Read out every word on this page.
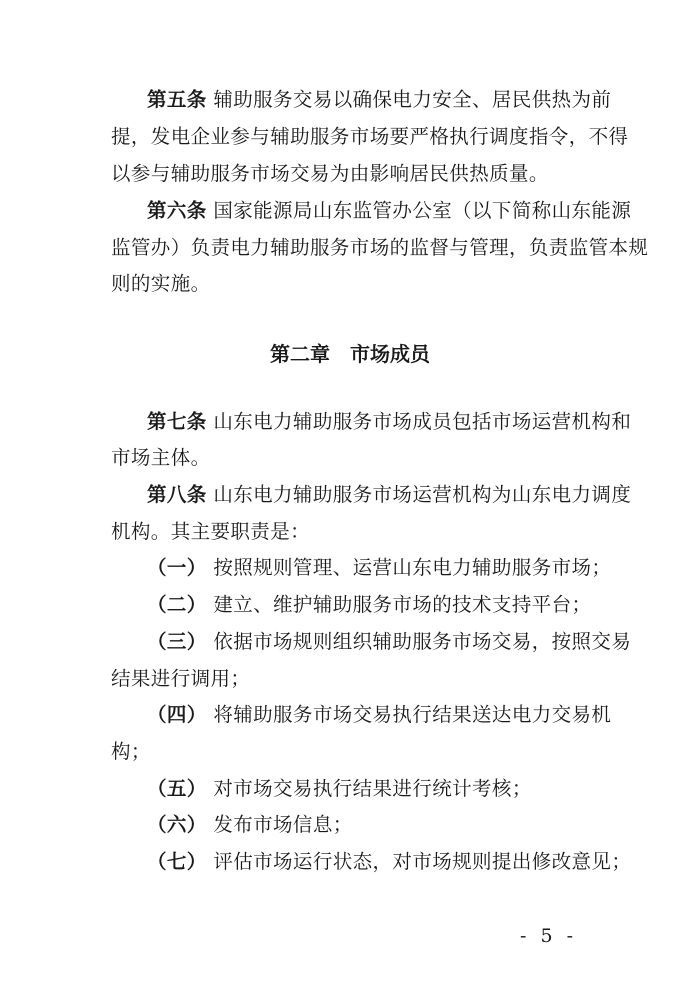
第五条 辅助服务交易以确保电力安全、居民供热为前
提，发电企业参与辅助服务市场要严格执行调度指令，不得
以参与辅助服务市场交易为由影响居民供热质量。
第六条 国家能源局山东监管办公室（以下简称山东能源
监管办）负责电力辅助服务市场的监督与管理，负责监管本规
则的实施。
第二章 市场成员
第七条 山东电力辅助服务市场成员包括市场运营机构和
市场主体。
第八条 山东电力辅助服务市场运营机构为山东电力调度
机构。其主要职责是：
（一） 按照规则管理、运营山东电力辅助服务市场；
（二） 建立、维护辅助服务市场的技术支持平台；
（三） 依据市场规则组织辅助服务市场交易，按照交易
结果进行调用；
（四） 将辅助服务市场交易执行结果送达电力交易机
构；
（五） 对市场交易执行结果进行统计考核；
（六） 发布市场信息；
（七） 评估市场运行状态，对市场规则提出修改意见；
- 5 -
